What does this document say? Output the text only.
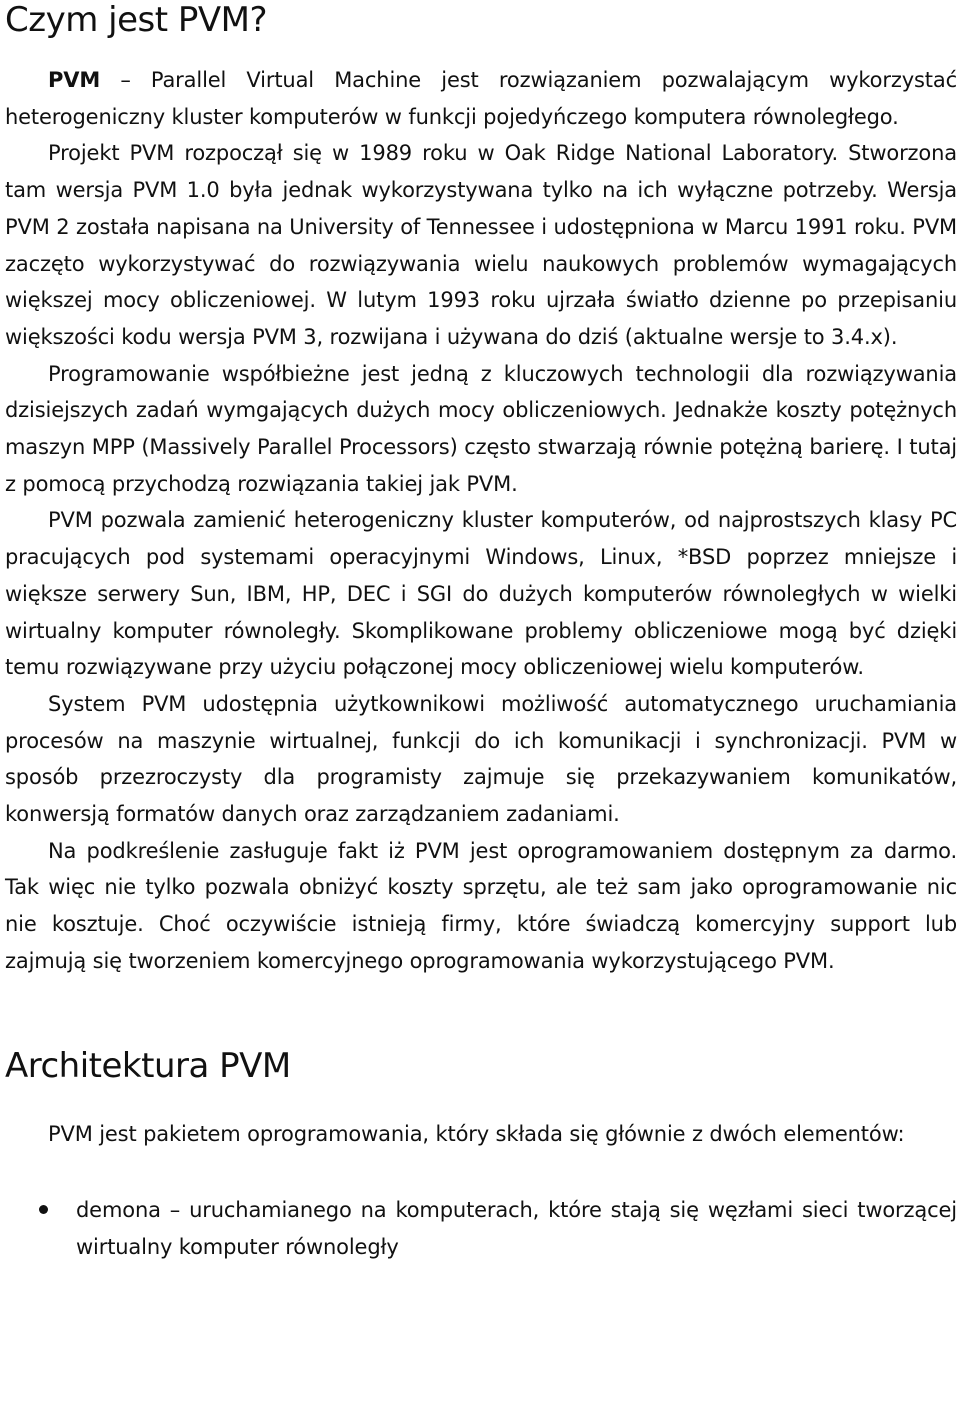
Czym jest PVM?

PVM – Parallel Virtual Machine jest rozwiązaniem pozwalającym wykorzystać heterogeniczny kluster komputerów w funkcji pojedyńczego komputera równoległego.

Projekt PVM rozpoczął się w 1989 roku w Oak Ridge National Laboratory. Stworzona tam wersja PVM 1.0 była jednak wykorzystywana tylko na ich wyłączne potrzeby. Wersja PVM 2 została napisana na University of Tennessee i udostępniona w Marcu 1991 roku. PVM zaczęto wykorzystywać do rozwiązywania wielu naukowych problemów wymagających większej mocy obliczeniowej. W lutym 1993 roku ujrzała światło dzienne po przepisaniu większości kodu wersja PVM 3, rozwijana i używana do dziś (aktualne wersje to 3.4.x).

Programowanie współbieżne jest jedną z kluczowych technologii dla rozwiązywania dzisiejszych zadań wymgających dużych mocy obliczeniowych. Jednakże koszty potężnych maszyn MPP (Massively Parallel Processors) często stwarzają równie potężną barierę. I tutaj z pomocą przychodzą rozwiązania takiej jak PVM.

PVM pozwala zamienić heterogeniczny kluster komputerów, od najprostszych klasy PC pracujących pod systemami operacyjnymi Windows, Linux, *BSD poprzez mniejsze i większe serwery Sun, IBM, HP, DEC i SGI do dużych komputerów równoległych w wielki wirtualny komputer równoległy. Skomplikowane problemy obliczeniowe mogą być dzięki temu rozwiązywane przy użyciu połączonej mocy obliczeniowej wielu komputerów.

System PVM udostępnia użytkownikowi możliwość automatycznego uruchamiania procesów na maszynie wirtualnej, funkcji do ich komunikacji i synchronizacji. PVM w sposób przezroczysty dla programisty zajmuje się przekazywaniem komunikatów, konwersją formatów danych oraz zarządzaniem zadaniami.

Na podkreślenie zasługuje fakt iż PVM jest oprogramowaniem dostępnym za darmo. Tak więc nie tylko pozwala obniżyć koszty sprzętu, ale też sam jako oprogramowanie nic nie kosztuje. Choć oczywiście istnieją firmy, które świadczą komercyjny support lub zajmują się tworzeniem komercyjnego oprogramowania wykorzystującego PVM.

Architektura PVM

PVM jest pakietem oprogramowania, który składa się głównie z dwóch elementów:

demona – uruchamianego na komputerach, które stają się węzłami sieci tworzącej wirtualny komputer równoległy
